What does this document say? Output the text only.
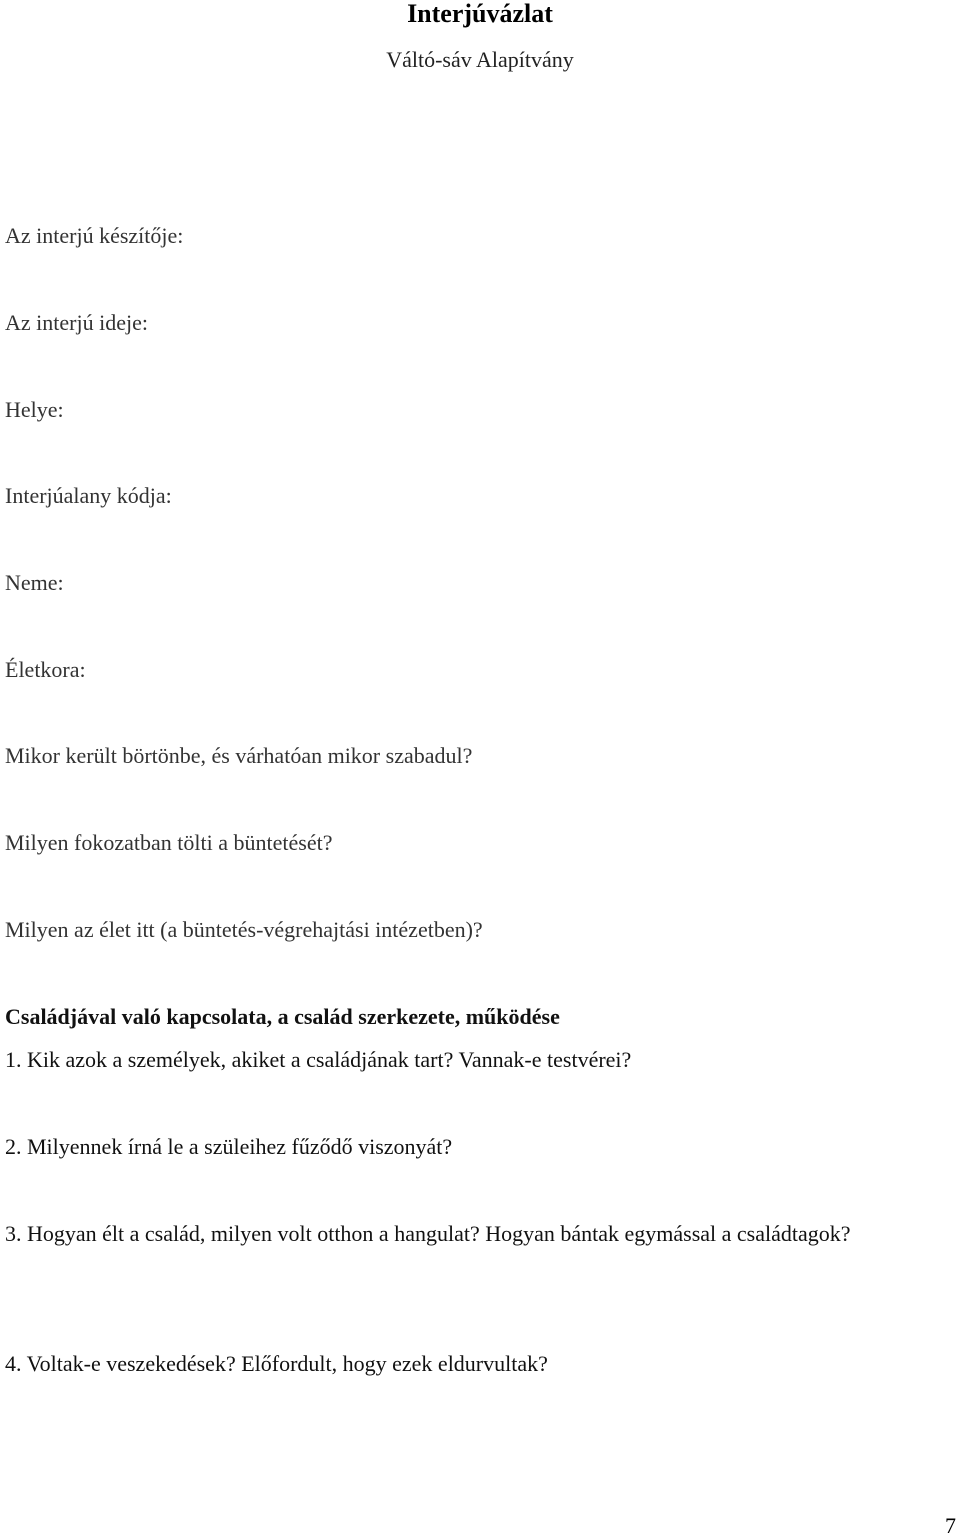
Interjúvázlat
Váltó-sáv Alapítvány
Az interjú készítője:
Az interjú ideje:
Helye:
Interjúalany kódja:
Neme:
Életkora:
Mikor került börtönbe, és várhatóan mikor szabadul?
Milyen fokozatban tölti a büntetését?
Milyen az élet itt (a büntetés-végrehajtási intézetben)?
Családjával való kapcsolata, a család szerkezete, működése
1. Kik azok a személyek, akiket a családjának tart? Vannak-e testvérei?
2. Milyennek írná le a szüleihez fűződő viszonyát?
3. Hogyan élt a család, milyen volt otthon a hangulat? Hogyan bántak egymással a családtagok?
4. Voltak-e veszekedések? Előfordult, hogy ezek eldurvultak?
7
